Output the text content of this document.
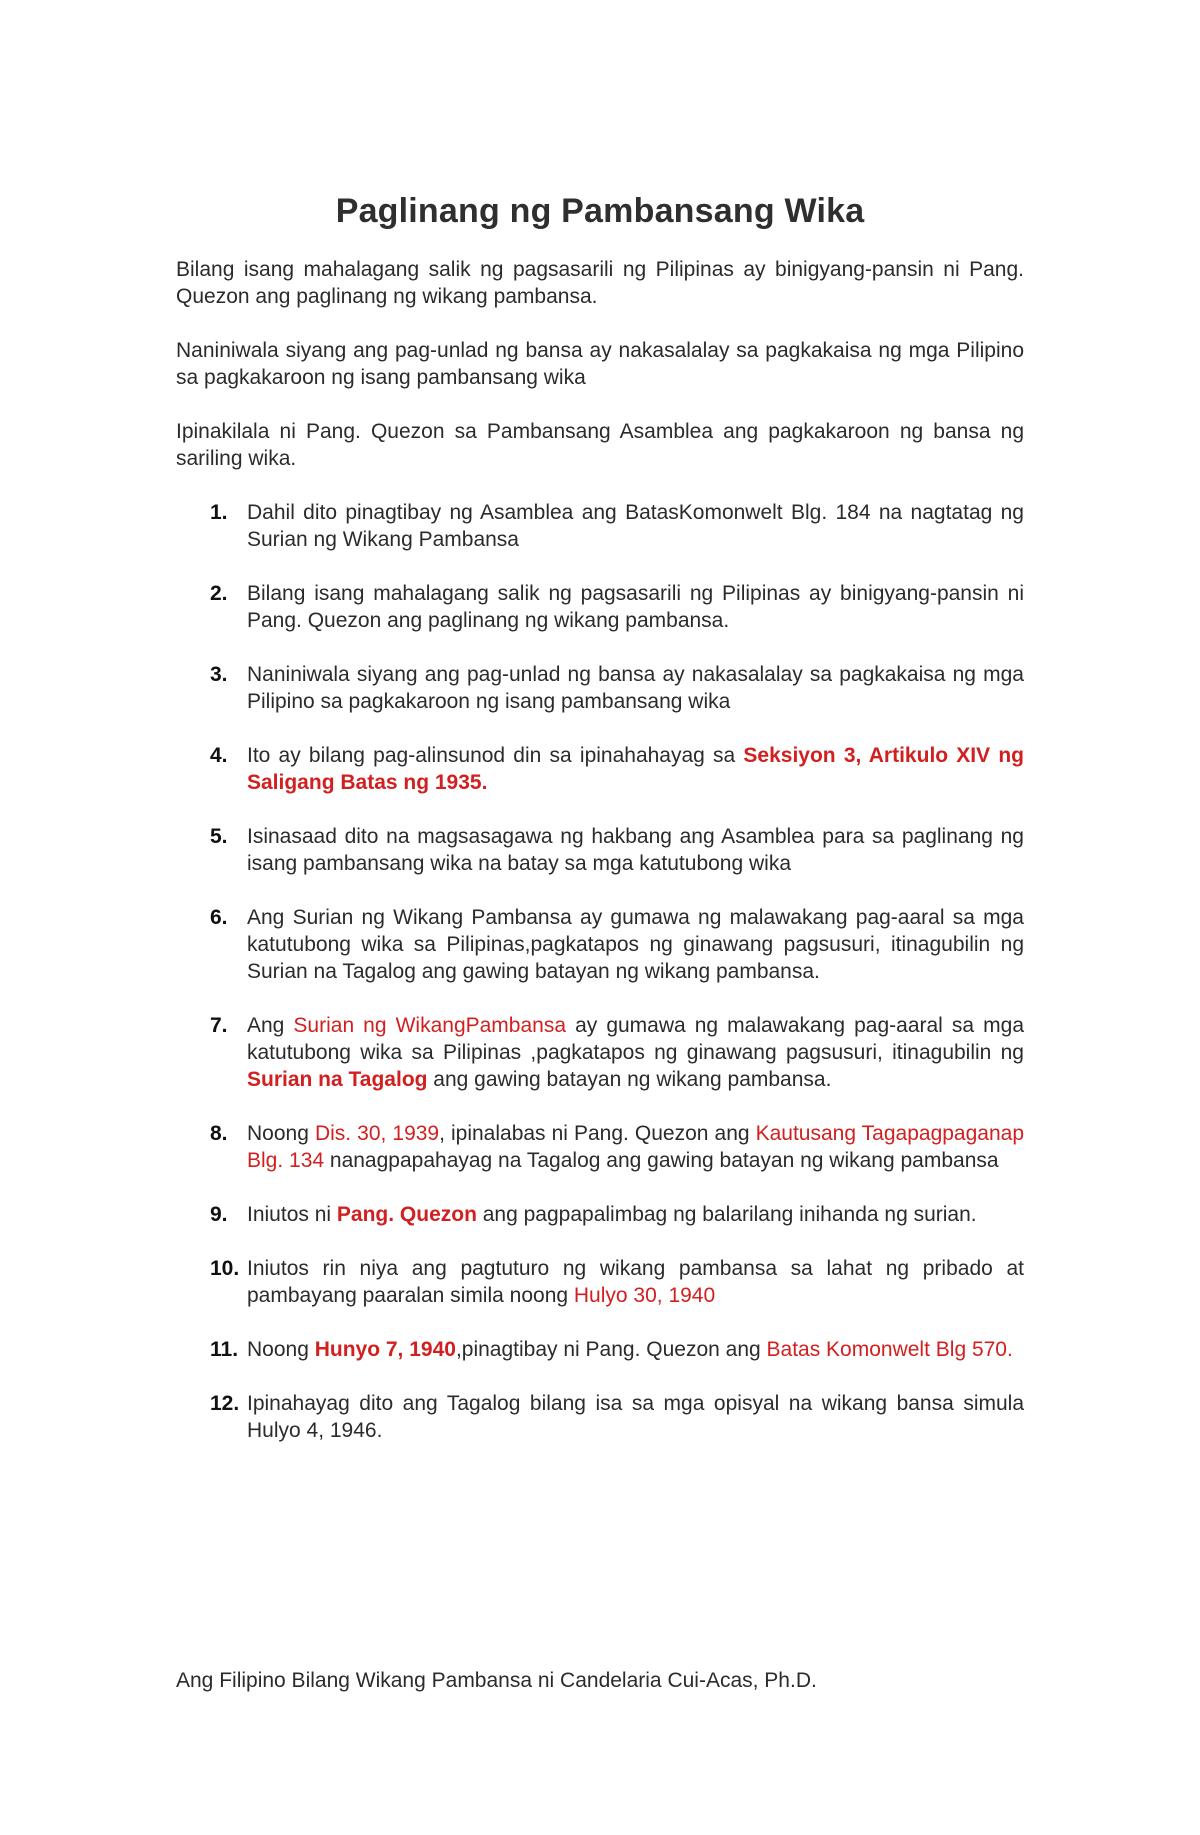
Paglinang ng Pambansang Wika

Bilang isang mahalagang salik ng pagsasarili ng Pilipinas ay binigyang-pansin ni Pang. Quezon ang paglinang ng wikang pambansa.

Naniniwala siyang ang pag-unlad ng bansa ay nakasalalay sa pagkakaisa ng mga Pilipino sa pagkakaroon ng isang pambansang wika

Ipinakilala ni Pang. Quezon sa Pambansang Asamblea ang pagkakaroon ng bansa ng sariling wika.

1. Dahil dito pinagtibay ng Asamblea ang BatasKomonwelt Blg. 184 na nagtatag ng Surian ng Wikang Pambansa
2. Bilang isang mahalagang salik ng pagsasarili ng Pilipinas ay binigyang-pansin ni Pang. Quezon ang paglinang ng wikang pambansa.
3. Naniniwala siyang ang pag-unlad ng bansa ay nakasalalay sa pagkakaisa ng mga Pilipino sa pagkakaroon ng isang pambansang wika
4. Ito ay bilang pag-alinsunod din sa ipinahahayag sa Seksiyon 3, Artikulo XIV ng Saligang Batas ng 1935.
5. Isinasaad dito na magsasagawa ng hakbang ang Asamblea para sa paglinang ng isang pambansang wika na batay sa mga katutubong wika
6. Ang Surian ng Wikang Pambansa ay gumawa ng malawakang pag-aaral sa mga katutubong wika sa Pilipinas,pagkatapos ng ginawang pagsusuri, itinagubilin ng Surian na Tagalog ang gawing batayan ng wikang pambansa.
7. Ang Surian ng WikangPambansa ay gumawa ng malawakang pag-aaral sa mga katutubong wika sa Pilipinas ,pagkatapos ng ginawang pagsusuri, itinagubilin ng Surian na Tagalog ang gawing batayan ng wikang pambansa.
8. Noong Dis. 30, 1939, ipinalabas ni Pang. Quezon ang Kautusang Tagapagpaganap Blg. 134 nanagpapahayag na Tagalog ang gawing batayan ng wikang pambansa
9. Iniutos ni Pang. Quezon ang pagpapalimbag ng balarilang inihanda ng surian.
10. Iniutos rin niya ang pagtuturo ng wikang pambansa sa lahat ng pribado at pambayang paaralan simila noong Hulyo 30, 1940
11. Noong Hunyo 7, 1940,pinagtibay ni Pang. Quezon ang Batas Komonwelt Blg 570.
12. Ipinahayag dito ang Tagalog bilang isa sa mga opisyal na wikang bansa simula Hulyo 4, 1946.

Ang Filipino Bilang Wikang Pambansa ni Candelaria Cui-Acas, Ph.D.
